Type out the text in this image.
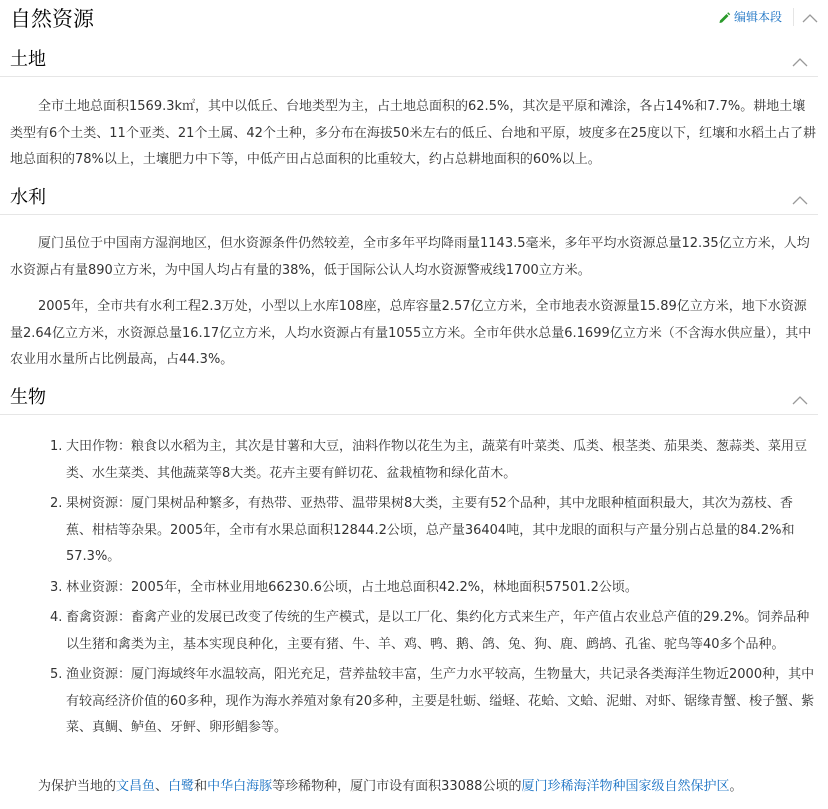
自然资源	编辑本段
土地

全市土地总面积1569.3k㎡，其中以低丘、台地类型为主，占土地总面积的62.5%，其次是平原和滩涂，各占14%和7.7%。耕地土壤类型有6个土类、11个亚类、21个土属、42个土种，多分布在海拔50米左右的低丘、台地和平原，坡度多在25度以下，红壤和水稻土占了耕地总面积的78%以上，土壤肥力中下等，中低产田占总面积的比重较大，约占总耕地面积的60%以上。

水利

厦门虽位于中国南方湿润地区，但水资源条件仍然较差，全市多年平均降雨量1143.5毫米，多年平均水资源总量12.35亿立方米，人均水资源占有量890立方米，为中国人均占有量的38%，低于国际公认人均水资源警戒线1700立方米。

2005年，全市共有水利工程2.3万处，小型以上水库108座，总库容量2.57亿立方米，全市地表水资源量15.89亿立方米，地下水资源量2.64亿立方米，水资源总量16.17亿立方米，人均水资源占有量1055立方米。全市年供水总量6.1699亿立方米（不含海水供应量），其中农业用水量所占比例最高，占44.3%。

生物
1. 大田作物：粮食以水稻为主，其次是甘薯和大豆，油料作物以花生为主，蔬菜有叶菜类、瓜类、根茎类、茄果类、葱蒜类、菜用豆类、水生菜类、其他蔬菜等8大类。花卉主要有鲜切花、盆栽植物和绿化苗木。
2. 果树资源：厦门果树品种繁多，有热带、亚热带、温带果树8大类，主要有52个品种，其中龙眼种植面积最大，其次为荔枝、香蕉、柑桔等杂果。2005年，全市有水果总面积12844.2公顷，总产量36404吨，其中龙眼的面积与产量分别占总量的84.2%和57.3%。
3. 林业资源：2005年，全市林业用地66230.6公顷，占土地总面积42.2%，林地面积57501.2公顷。
4. 畜禽资源：畜禽产业的发展已改变了传统的生产模式，是以工厂化、集约化方式来生产，年产值占农业总产值的29.2%。饲养品种以生猪和禽类为主，基本实现良种化，主要有猪、牛、羊、鸡、鸭、鹅、鸽、兔、狗、鹿、鹧鸪、孔雀、驼鸟等40多个品种。
5. 渔业资源：厦门海域终年水温较高，阳光充足，营养盐较丰富，生产力水平较高，生物量大，共记录各类海洋生物近2000种，其中有较高经济价值的60多种，现作为海水养殖对象有20多种，主要是牡蛎、缢蛏、花蛤、文蛤、泥蚶、对虾、锯缘青蟹、梭子蟹、紫菜、真鲷、鲈鱼、牙鲆、卵形鲳参等。

为保护当地的文昌鱼、白鹭和中华白海豚等珍稀物种，厦门市设有面积33088公顷的厦门珍稀海洋物种国家级自然保护区。
